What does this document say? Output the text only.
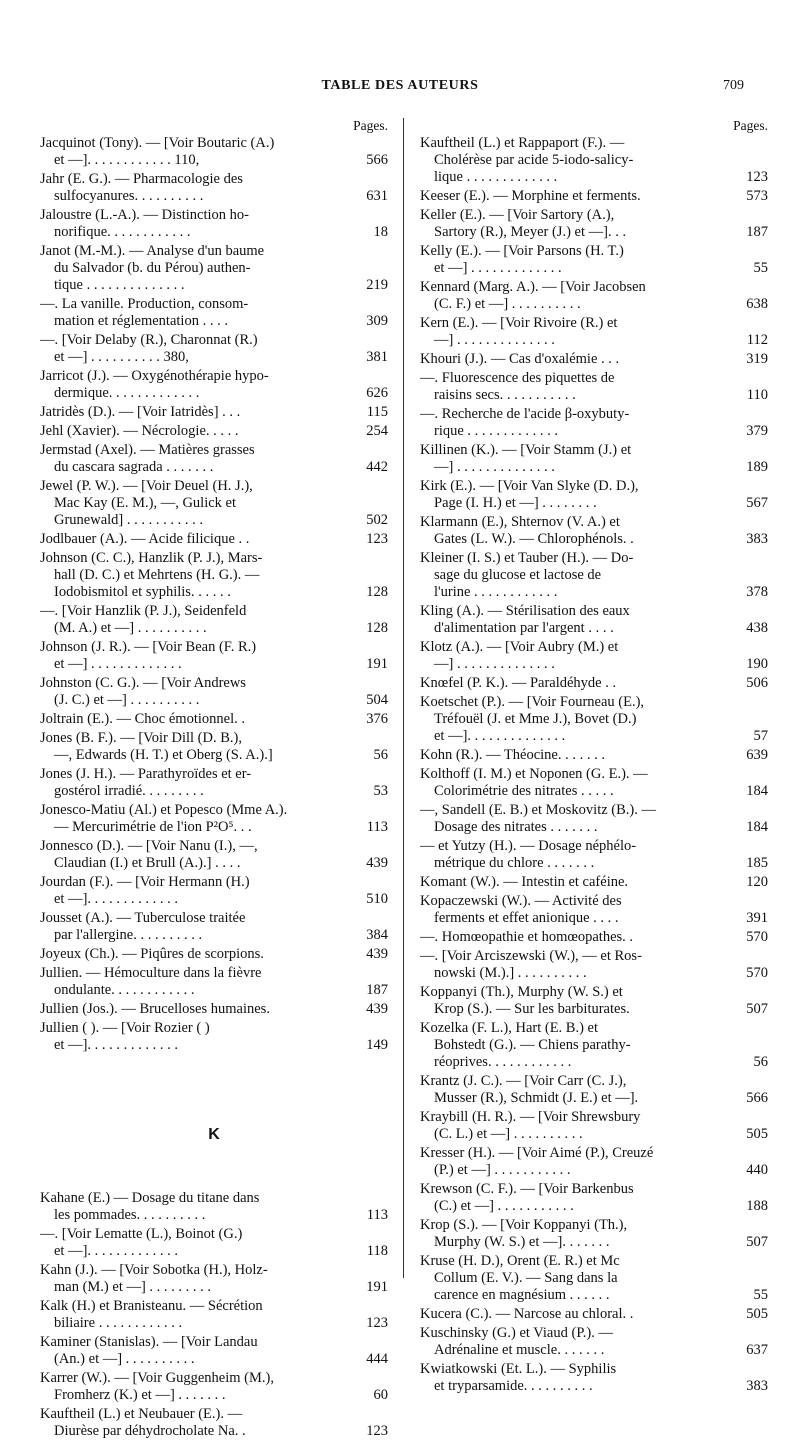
TABLE DES AUTEURS	709
Pages.
Jacquinot (Tony). — [Voir Boutaric (A.)
et —]. . . . . . . . . . . . 110,	566
Jahr (E. G.). — Pharmacologie des
sulfocyanures. . . . . . . . . .	631
Jaloustre (L.-A.). — Distinction ho-
norifique. . . . . . . . . . . .	18
Janot (M.-M.). — Analyse d'un baume
du Salvador (b. du Pérou) authen-
tique . . . . . . . . . . . . . .	219
—. La vanille. Production, consom-
mation et réglementation . . . .	309
—. [Voir Delaby (R.), Charonnat (R.)
et —] . . . . . . . . . . 380,	381
Jarricot (J.). — Oxygénothérapie hypo-
dermique. . . . . . . . . . . . .	626
Jatridès (D.). — [Voir Iatridès] . . .	115
Jehl (Xavier). — Nécrologie. . . . .	254
Jermstad (Axel). — Matières grasses
du cascara sagrada . . . . . . .	442
Jewel (P. W.). — [Voir Deuel (H. J.),
Mac Kay (E. M.), —, Gulick et
Grunewald] . . . . . . . . . . .	502
Jodlbauer (A.). — Acide filicique . .	123
Johnson (C. C.), Hanzlik (P. J.), Mars-
hall (D. C.) et Mehrtens (H. G.). —
Iodobismitol et syphilis. . . . . .	128
—. [Voir Hanzlik (P. J.), Seidenfeld
(M. A.) et —] . . . . . . . . . .	128
Johnson (J. R.). — [Voir Bean (F. R.)
et —] . . . . . . . . . . . . .	191
Johnston (C. G.). — [Voir Andrews
(J. C.) et —] . . . . . . . . . .	504
Joltrain (E.). — Choc émotionnel. .	376
Jones (B. F.). — [Voir Dill (D. B.),
—, Edwards (H. T.) et Oberg (S. A.).]	56
Jones (J. H.). — Parathyroïdes et er-
gostérol irradié. . . . . . . . .	53
Jonesco-Matiu (Al.) et Popesco (Mme A.).
— Mercurimétrie de l'ion P²O⁵. . .	113
Jonnesco (D.). — [Voir Nanu (I.), —,
Claudian (I.) et Brull (A.).] . . . .	439
Jourdan (F.). — [Voir Hermann (H.)
et —]. . . . . . . . . . . . .	510
Jousset (A.). — Tuberculose traitée
par l'allergine. . . . . . . . . .	384
Joyeux (Ch.). — Piqûres de scorpions.	439
Jullien. — Hémoculture dans la fièvre
ondulante. . . . . . . . . . . .	187
Jullien (Jos.). — Brucelloses humaines.	439
Jullien ( ). — [Voir Rozier ( )
et —]. . . . . . . . . . . . .	149
K
Kahane (E.) — Dosage du titane dans
les pommades. . . . . . . . . .	113
—. [Voir Lematte (L.), Boinot (G.)
et —]. . . . . . . . . . . . .	118
Kahn (J.). — [Voir Sobotka (H.), Holz-
man (M.) et —] . . . . . . . . .	191
Kalk (H.) et Branisteanu. — Sécrétion
biliaire . . . . . . . . . . . .	123
Kaminer (Stanislas). — [Voir Landau
(An.) et —] . . . . . . . . . .	444
Karrer (W.). — [Voir Guggenheim (M.),
Fromherz (K.) et —] . . . . . . .	60
Kauftheil (L.) et Neubauer (E.). —
Diurèse par déhydrocholate Na. .	123
Pages.
Kauftheil (L.) et Rappaport (F.). —
Cholérèse par acide 5-iodo-salicy-
lique . . . . . . . . . . . . .	123
Keeser (E.). — Morphine et ferments.	573
Keller (E.). — [Voir Sartory (A.),
Sartory (R.), Meyer (J.) et —]. . .	187
Kelly (E.). — [Voir Parsons (H. T.)
et —] . . . . . . . . . . . . .	55
Kennard (Marg. A.). — [Voir Jacobsen
(C. F.) et —] . . . . . . . . . .	638
Kern (E.). — [Voir Rivoire (R.) et
—] . . . . . . . . . . . . . .	112
Khouri (J.). — Cas d'oxalémie . . .	319
—. Fluorescence des piquettes de
raisins secs. . . . . . . . . . .	110
—. Recherche de l'acide β-oxybuty-
rique . . . . . . . . . . . . .	379
Killinen (K.). — [Voir Stamm (J.) et
—] . . . . . . . . . . . . . .	189
Kirk (E.). — [Voir Van Slyke (D. D.),
Page (I. H.) et —] . . . . . . . .	567
Klarmann (E.), Shternov (V. A.) et
Gates (L. W.). — Chlorophénols. .	383
Kleiner (I. S.) et Tauber (H.). — Do-
sage du glucose et lactose de
l'urine . . . . . . . . . . . .	378
Kling (A.). — Stérilisation des eaux
d'alimentation par l'argent . . . .	438
Klotz (A.). — [Voir Aubry (M.) et
—] . . . . . . . . . . . . . .	190
Knœfel (P. K.). — Paraldéhyde . .	506
Koetschet (P.). — [Voir Fourneau (E.),
Tréfouël (J. et Mme J.), Bovet (D.)
et —]. . . . . . . . . . . . . .	57
Kohn (R.). — Théocine. . . . . . .	639
Kolthoff (I. M.) et Noponen (G. E.). —
Colorimétrie des nitrates . . . . .	184
—, Sandell (E. B.) et Moskovitz (B.). —
Dosage des nitrates . . . . . . .	184
— et Yutzy (H.). — Dosage néphélo-
métrique du chlore . . . . . . .	185
Komant (W.). — Intestin et caféine.	120
Kopaczewski (W.). — Activité des
ferments et effet anionique . . . .	391
—. Homœopathie et homœopathes. .	570
—. [Voir Arciszewski (W.), — et Ros-
nowski (M.).] . . . . . . . . . .	570
Koppanyi (Th.), Murphy (W. S.) et
Krop (S.). — Sur les barbiturates.	507
Kozelka (F. L.), Hart (E. B.) et
Bohstedt (G.). — Chiens parathy-
réoprives. . . . . . . . . . . .	56
Krantz (J. C.). — [Voir Carr (C. J.),
Musser (R.), Schmidt (J. E.) et —].	566
Kraybill (H. R.). — [Voir Shrewsbury
(C. L.) et —] . . . . . . . . . .	505
Kresser (H.). — [Voir Aimé (P.), Creuzé
(P.) et —] . . . . . . . . . . .	440
Krewson (C. F.). — [Voir Barkenbus
(C.) et —] . . . . . . . . . . .	188
Krop (S.). — [Voir Koppanyi (Th.),
Murphy (W. S.) et —]. . . . . . .	507
Kruse (H. D.), Orent (E. R.) et Mc
Collum (E. V.). — Sang dans la
carence en magnésium . . . . . .	55
Kucera (C.). — Narcose au chloral. .	505
Kuschinsky (G.) et Viaud (P.). —
Adrénaline et muscle. . . . . . .	637
Kwiatkowski (Et. L.). — Syphilis
et tryparsamide. . . . . . . . . .	383
